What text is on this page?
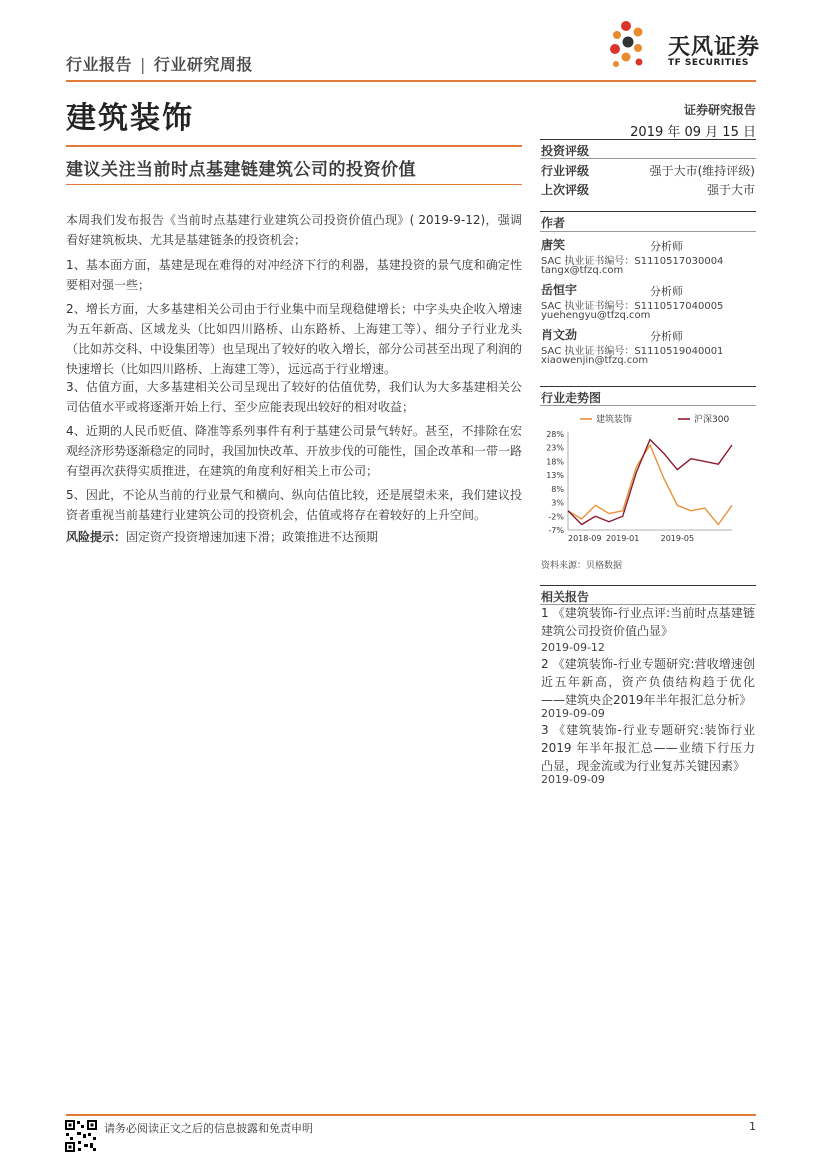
行业报告 | 行业研究周报
天风证券
TF SECURITIES
建筑装饰
建议关注当前时点基建链建筑公司的投资价值
证券研究报告
2019 年 09 月 15 日
投资评级
行业评级	强于大市(维持评级)
上次评级	强于大市
作者
唐笑	分析师
SAC 执业证书编号：S1110517030004
tangx@tfzq.com
岳恒宇	分析师
SAC 执业证书编号：S1110517040005
yuehengyu@tfzq.com
肖文劲	分析师
SAC 执业证书编号：S1110519040001
xiaowenjin@tfzq.com
行业走势图
建筑装饰	沪深300
28%
23%
18%
13%
8%
3%
-2%
-7%
2018-09 2019-01	2019-05
资料来源：贝格数据
相关报告
1 《建筑装饰-行业点评:当前时点基建链建筑公司投资价值凸显》
2019-09-12
2 《建筑装饰-行业专题研究:营收增速创近五年新高，资产负债结构趋于优化——建筑央企2019年半年报汇总分析》
2019-09-09
3 《建筑装饰-行业专题研究:装饰行业2019 年半年报汇总——业绩下行压力凸显，现金流或为行业复苏关键因素》
2019-09-09
本周我们发布报告《当前时点基建行业建筑公司投资价值凸现》( 2019-9-12)，强调看好建筑板块、尤其是基建链条的投资机会；
1、基本面方面，基建是现在难得的对冲经济下行的利器，基建投资的景气度和确定性要相对强一些；
2、增长方面，大多基建相关公司由于行业集中而呈现稳健增长；中字头央企收入增速为五年新高、区域龙头（比如四川路桥、山东路桥、上海建工等）、细分子行业龙头（比如苏交科、中设集团等）也呈现出了较好的收入增长，部分公司甚至出现了利润的快速增长（比如四川路桥、上海建工等），远远高于行业增速。
3、估值方面，大多基建相关公司呈现出了较好的估值优势，我们认为大多基建相关公司估值水平或将逐渐开始上行、至少应能表现出较好的相对收益；
4、近期的人民币贬值、降准等系列事件有利于基建公司景气转好。甚至，不排除在宏观经济形势逐渐稳定的同时，我国加快改革、开放步伐的可能性，国企改革和一带一路有望再次获得实质推进，在建筑的角度利好相关上市公司；
5、因此，不论从当前的行业景气和横向、纵向估值比较，还是展望未来，我们建议投资者重视当前基建行业建筑公司的投资机会，估值或将存在着较好的上升空间。
风险提示：固定资产投资增速加速下滑；政策推进不达预期
请务必阅读正文之后的信息披露和免责申明	1
